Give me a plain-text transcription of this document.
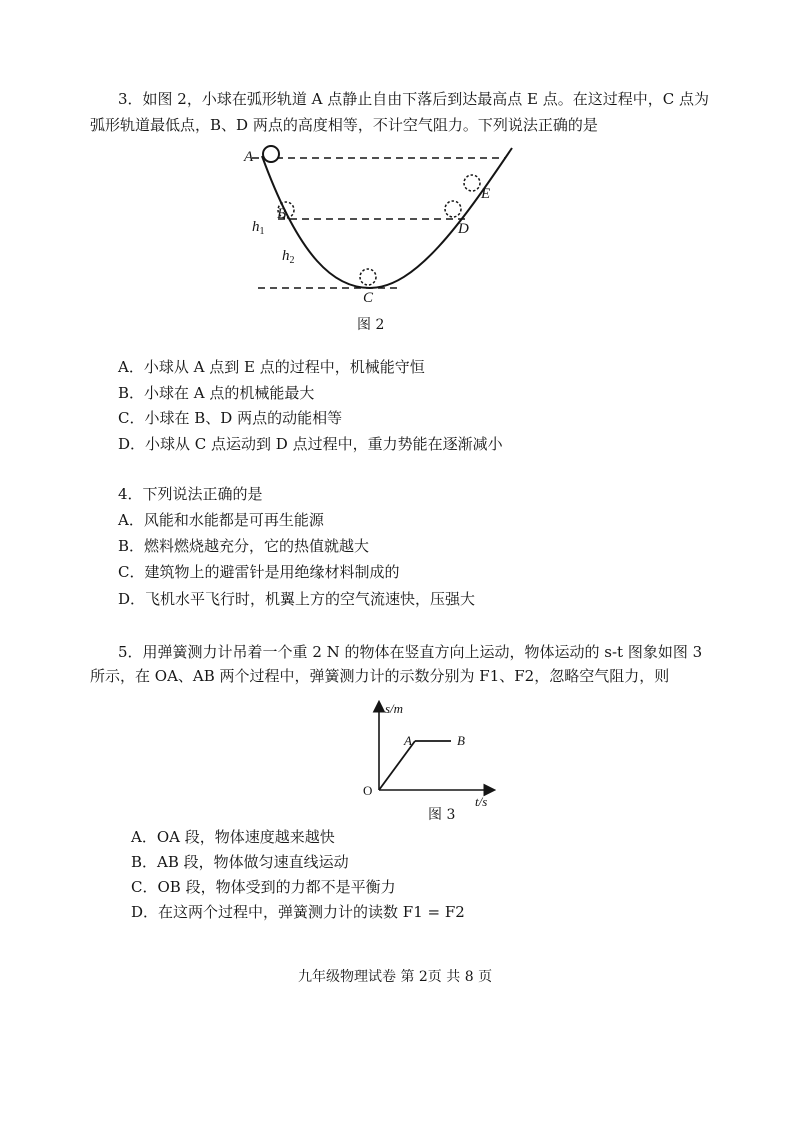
3．如图 2，小球在弧形轨道 A 点静止自由下落后到达最高点 E 点。在这过程中，C 点为
弧形轨道最低点，B、D 两点的高度相等，不计空气阻力。下列说法正确的是
A
B
C
D
E
$h_1$
$h_2$
图 2
A．小球从 A 点到 E 点的过程中，机械能守恒
B．小球在 A 点的机械能最大
C．小球在 B、D 两点的动能相等
D．小球从 C 点运动到 D 点过程中，重力势能在逐渐减小
4．下列说法正确的是
A．风能和水能都是可再生能源
B．燃料燃烧越充分，它的热值就越大
C．建筑物上的避雷针是用绝缘材料制成的
D．飞机水平飞行时，机翼上方的空气流速快，压强大
5．用弹簧测力计吊着一个重 2 N 的物体在竖直方向上运动，物体运动的 s-t 图象如图 3
所示，在 OA、AB 两个过程中，弹簧测力计的示数分别为 F1、F2，忽略空气阻力，则
s/m
t/s
O
A	B
图 3
A．OA 段，物体速度越来越快
B．AB 段，物体做匀速直线运动
C．OB 段，物体受到的力都不是平衡力
D．在这两个过程中，弹簧测力计的读数 F1 = F2
九年级物理试卷 第 2页 共 8 页
